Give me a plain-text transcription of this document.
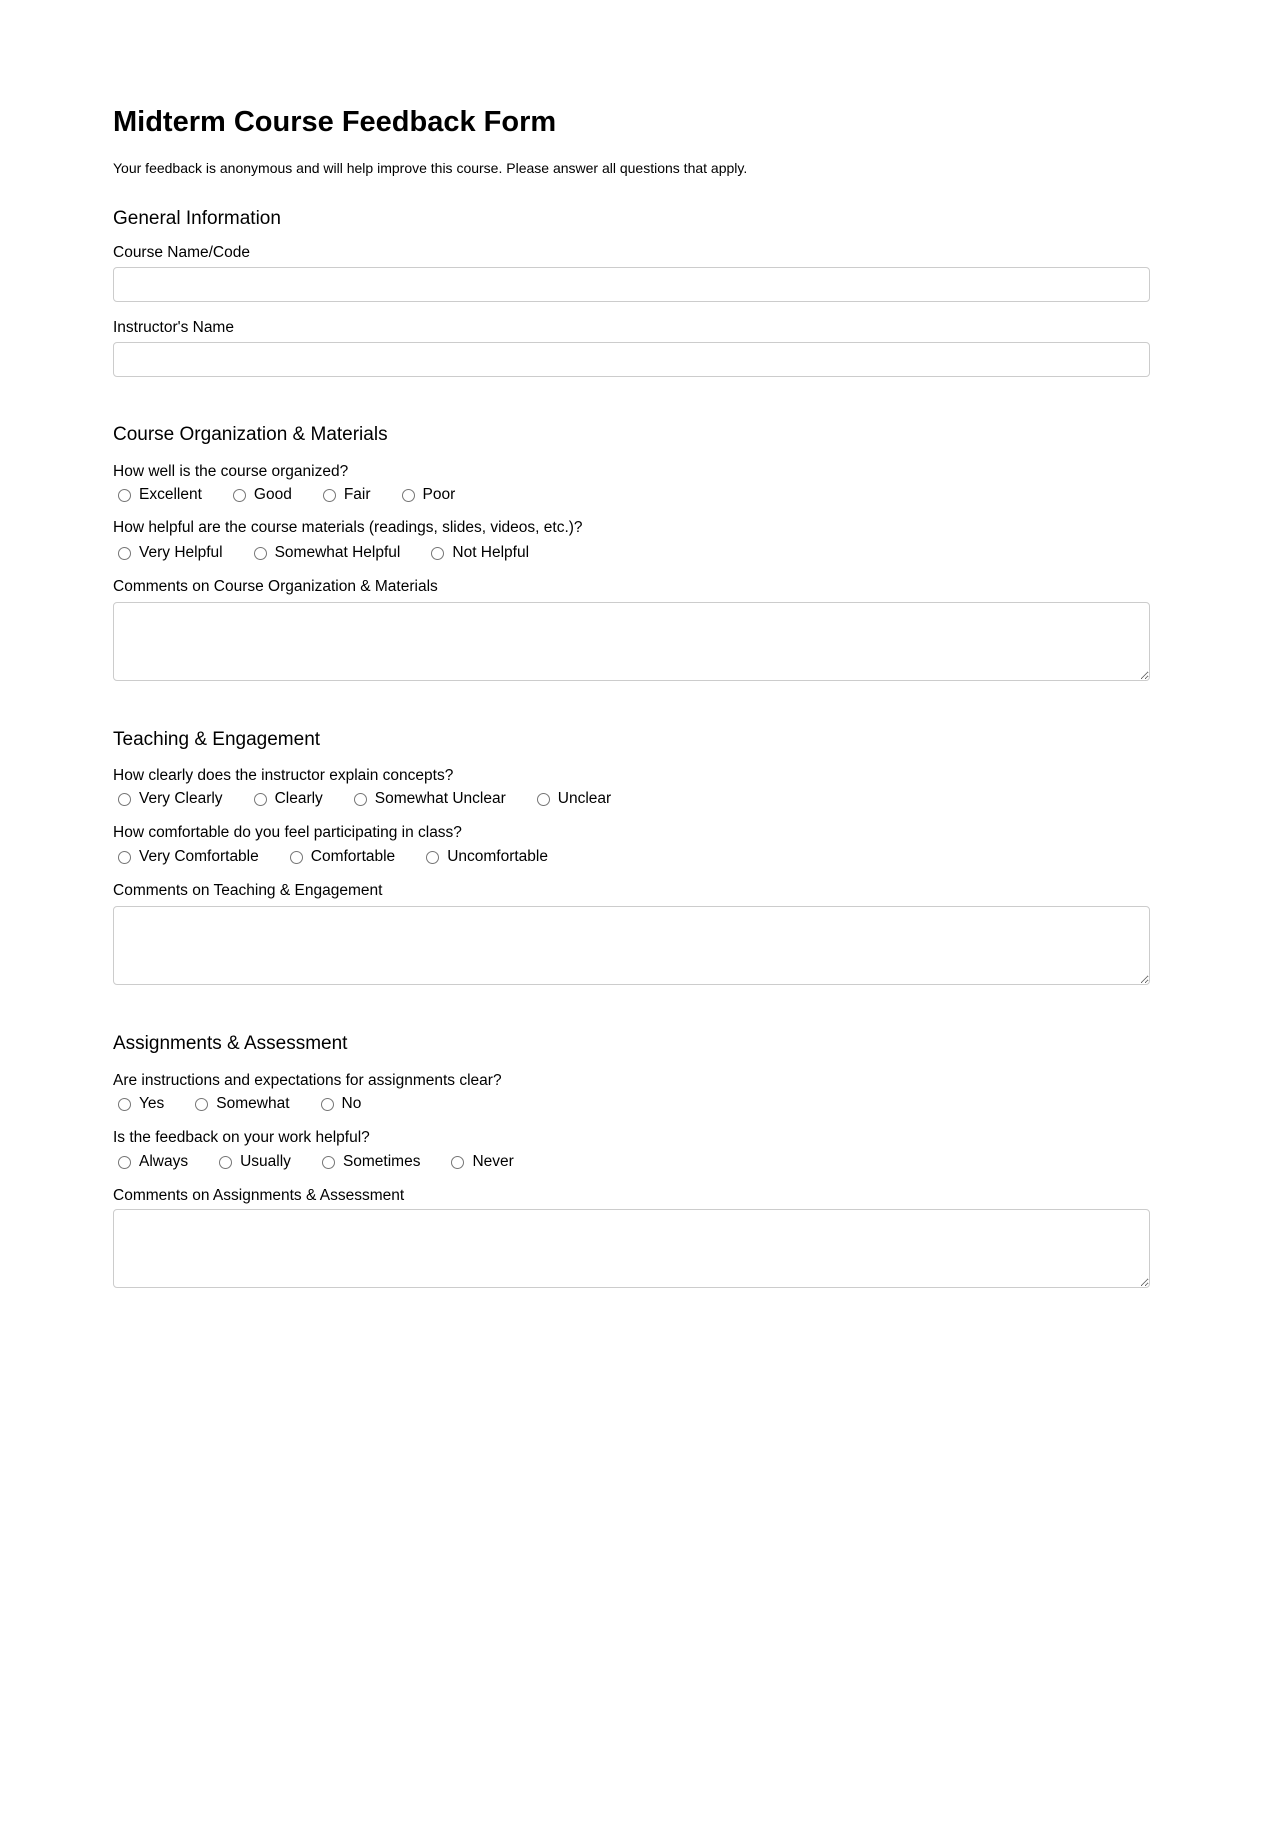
Midterm Course Feedback Form
Your feedback is anonymous and will help improve this course. Please answer all questions that apply.
General Information
Course Name/Code
Instructor's Name
Course Organization & Materials
How well is the course organized?
Excellent	Good	Fair	Poor
How helpful are the course materials (readings, slides, videos, etc.)?
Very Helpful	Somewhat Helpful	Not Helpful
Comments on Course Organization & Materials
Teaching & Engagement
How clearly does the instructor explain concepts?
Very Clearly	Clearly	Somewhat Unclear	Unclear
How comfortable do you feel participating in class?
Very Comfortable	Comfortable	Uncomfortable
Comments on Teaching & Engagement
Assignments & Assessment
Are instructions and expectations for assignments clear?
Yes	Somewhat	No
Is the feedback on your work helpful?
Always	Usually	Sometimes	Never
Comments on Assignments & Assessment
